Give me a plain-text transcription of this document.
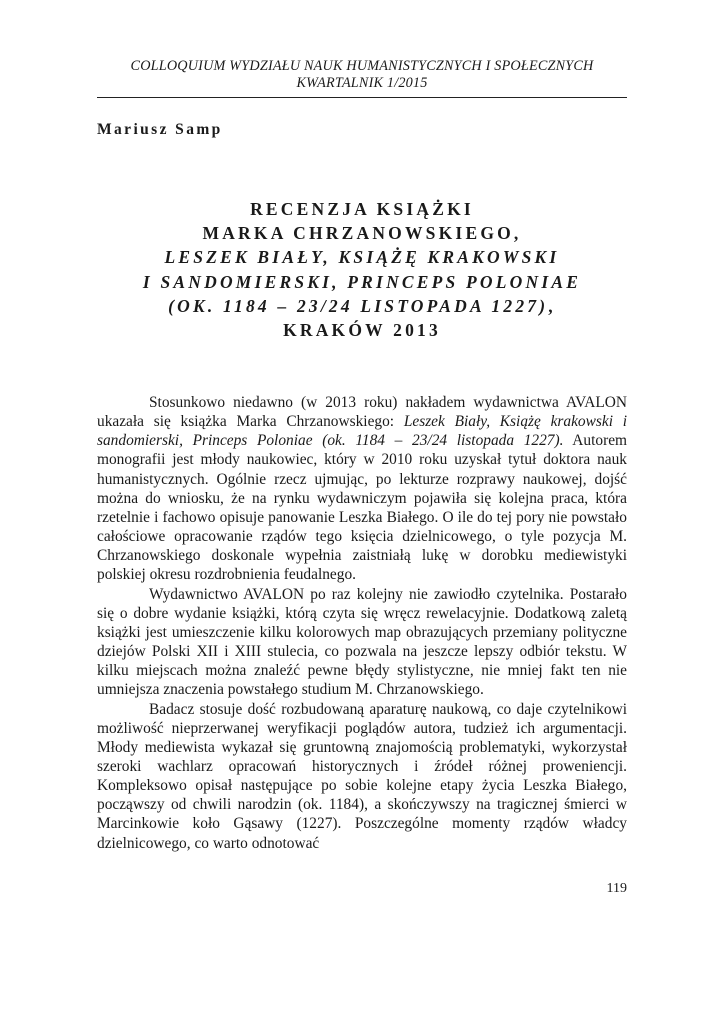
COLLOQUIUM WYDZIAŁU NAUK HUMANISTYCZNYCH I SPOŁECZNYCH
KWARTALNIK 1/2015
Mariusz Samp
RECENZJA KSIĄŻKI
MARKA CHRZANOWSKIEGO,
LESZEK BIAŁY, KSIĄŻĘ KRAKOWSKI
I SANDOMIERSKI, PRINCEPS POLONIAE
(OK. 1184 – 23/24 LISTOPADA 1227),
KRAKÓW 2013

Stosunkowo niedawno (w 2013 roku) nakładem wydawnictwa AVALON ukazała się książka Marka Chrzanowskiego: Leszek Biały, Książę krakowski i sandomierski, Princeps Poloniae (ok. 1184 – 23/24 listopada 1227). Autorem monografii jest młody naukowiec, który w 2010 roku uzyskał tytuł doktora nauk humanistycznych. Ogólnie rzecz ujmując, po lekturze rozprawy naukowej, dojść można do wniosku, że na rynku wydawniczym pojawiła się kolejna praca, która rzetelnie i fachowo opisuje panowanie Leszka Białego. O ile do tej pory nie powstało całościowe opracowanie rządów tego księcia dzielnicowego, o tyle pozycja M. Chrzanowskiego doskonale wypełnia zaistniałą lukę w dorobku mediewistyki polskiej okresu rozdrobnienia feudalnego.

Wydawnictwo AVALON po raz kolejny nie zawiodło czytelnika. Postarało się o dobre wydanie książki, którą czyta się wręcz rewelacyjnie. Dodatkową zaletą książki jest umieszczenie kilku kolorowych map obrazujących przemiany polityczne dziejów Polski XII i XIII stulecia, co pozwala na jeszcze lepszy odbiór tekstu. W kilku miejscach można znaleźć pewne błędy stylistyczne, nie mniej fakt ten nie umniejsza znaczenia powstałego studium M. Chrzanowskiego.

Badacz stosuje dość rozbudowaną aparaturę naukową, co daje czytelnikowi możliwość nieprzerwanej weryfikacji poglądów autora, tudzież ich argumentacji. Młody mediewista wykazał się gruntowną znajomością problematyki, wykorzystał szeroki wachlarz opracowań historycznych i źródeł różnej proweniencji. Kompleksowo opisał następujące po sobie kolejne etapy życia Leszka Białego, począwszy od chwili narodzin (ok. 1184), a skończywszy na tragicznej śmierci w Marcinkowie koło Gąsawy (1227). Poszczególne momenty rządów władcy dzielnicowego, co warto odnotować

119
